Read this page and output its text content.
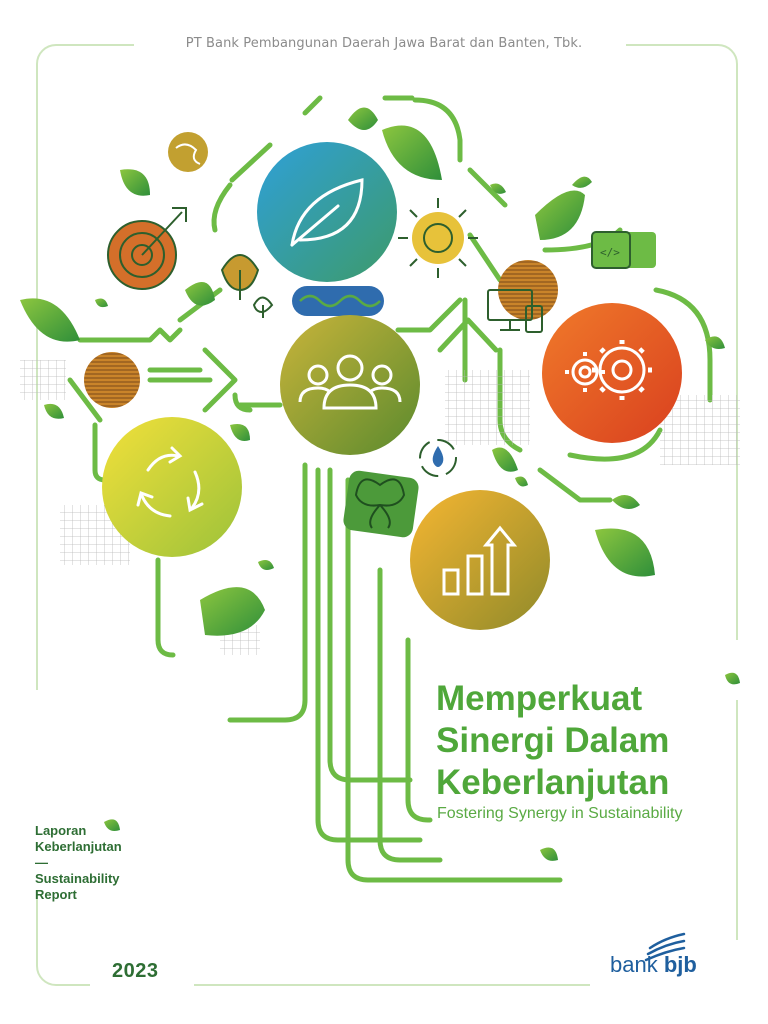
PT Bank Pembangunan Daerah Jawa Barat dan Banten, Tbk.
</>
Memperkuat
Sinergi Dalam
Keberlanjutan
Fostering Synergy in Sustainability
Laporan
Keberlanjutan
—
Sustainability
Report
2023	bank bjb
